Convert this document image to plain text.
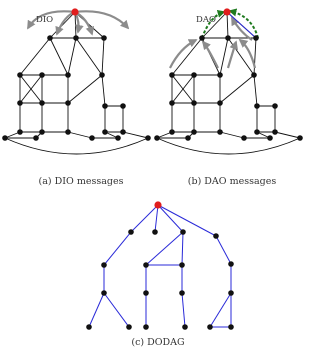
DIO
(a) DIO messages
DAO
(b) DAO messages
(c) DODAG
